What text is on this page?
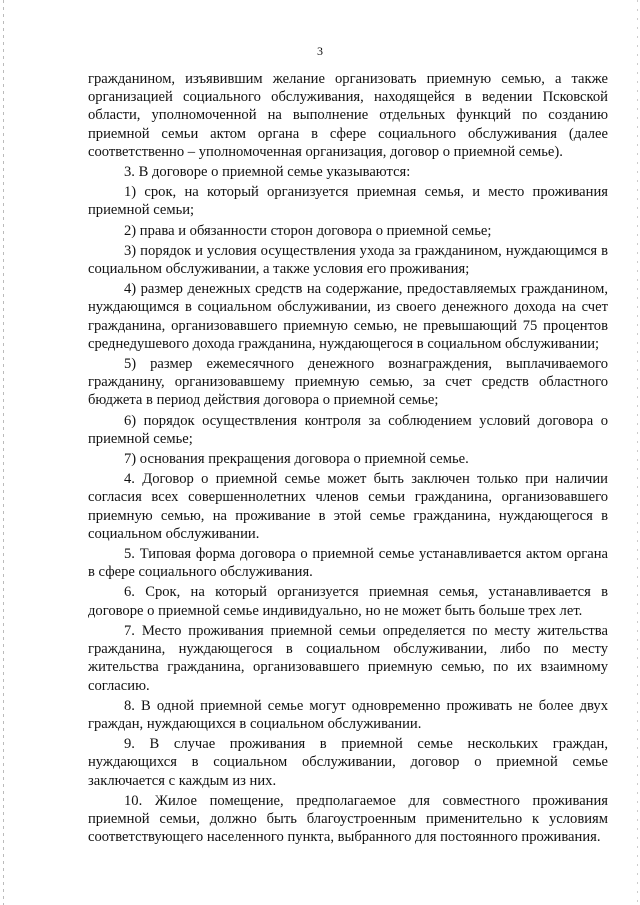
3

гражданином, изъявившим желание организовать приемную семью, а также организацией социального обслуживания, находящейся в ведении Псковской области, уполномоченной на выполнение отдельных функций по созданию приемной семьи актом органа в сфере социального обслуживания (далее соответственно – уполномоченная организация, договор о приемной семье).

3. В договоре о приемной семье указываются:

1) срок, на который организуется приемная семья, и место проживания приемной семьи;

2) права и обязанности сторон договора о приемной семье;

3) порядок и условия осуществления ухода за гражданином, нуждающимся в социальном обслуживании, а также условия его проживания;

4) размер денежных средств на содержание, предоставляемых гражданином, нуждающимся в социальном обслуживании, из своего денежного дохода на счет гражданина, организовавшего приемную семью, не превышающий 75 процентов среднедушевого дохода гражданина, нуждающегося в социальном обслуживании;

5) размер ежемесячного денежного вознаграждения, выплачиваемого гражданину, организовавшему приемную семью, за счет средств областного бюджета в период действия договора о приемной семье;

6) порядок осуществления контроля за соблюдением условий договора о приемной семье;

7) основания прекращения договора о приемной семье.

4. Договор о приемной семье может быть заключен только при наличии согласия всех совершеннолетних членов семьи гражданина, организовавшего приемную семью, на проживание в этой семье гражданина, нуждающегося в социальном обслуживании.

5. Типовая форма договора о приемной семье устанавливается актом органа в сфере социального обслуживания.

6. Срок, на который организуется приемная семья, устанавливается в договоре о приемной семье индивидуально, но не может быть больше трех лет.

7. Место проживания приемной семьи определяется по месту жительства гражданина, нуждающегося в социальном обслуживании, либо по месту жительства гражданина, организовавшего приемную семью, по их взаимному согласию.

8. В одной приемной семье могут одновременно проживать не более двух граждан, нуждающихся в социальном обслуживании.

9. В случае проживания в приемной семье нескольких граждан, нуждающихся в социальном обслуживании, договор о приемной семье заключается с каждым из них.

10. Жилое помещение, предполагаемое для совместного проживания приемной семьи, должно быть благоустроенным применительно к условиям соответствующего населенного пункта, выбранного для постоянного проживания.
